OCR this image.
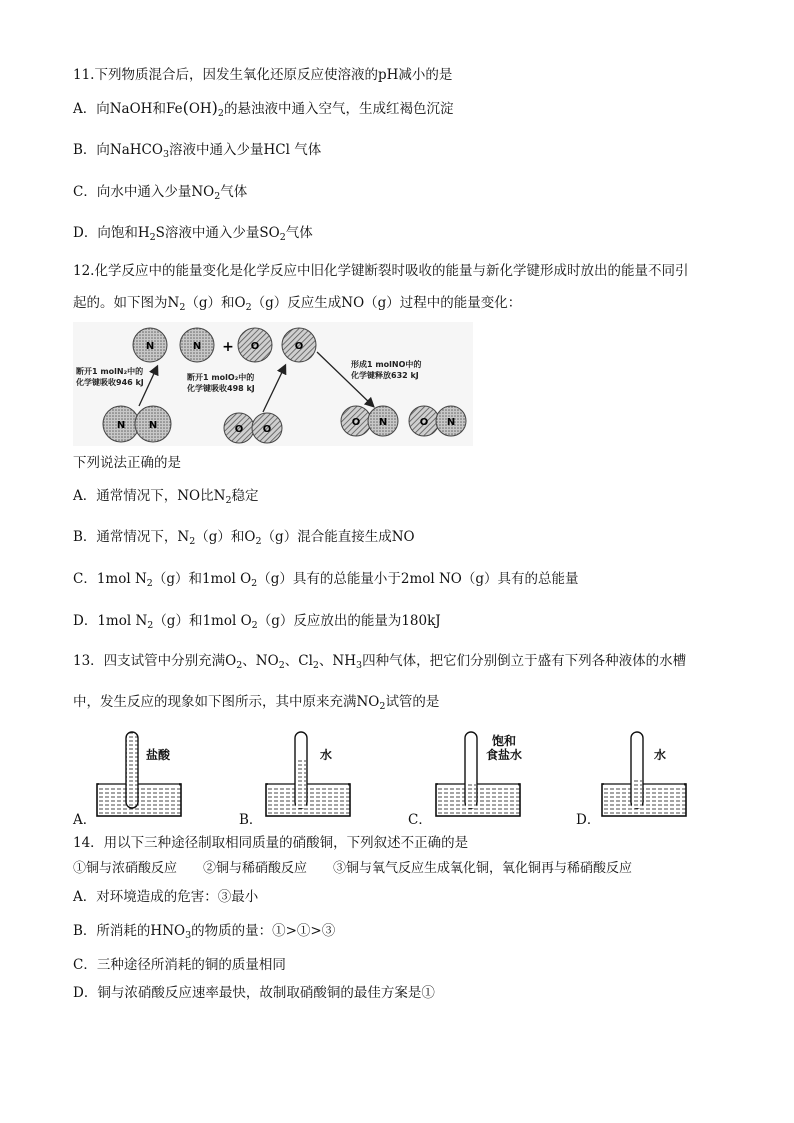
11.下列物质混合后，因发生氧化还原反应使溶液的pH减小的是
A．向NaOH和$Fe(OH)_2$的悬浊液中通入空气，生成红褐色沉淀
B．向NaHCO$_3$溶液中通入少量HCl 气体
C．向水中通入少量$NO_2$气体
D．向饱和$H_2S$溶液中通入少量$SO_2$气体
12.化学反应中的能量变化是化学反应中旧化学键断裂时吸收的能量与新化学键形成时放出的能量不同引
起的。如下图为$N_2(g)$和$O_2(g)$反应生成NO（g）过程中的能量变化：
N	N + O	O
N N
断开1 molN₂中的
化学键吸收946 kJ
O O
断开1 molO₂中的
化学键吸收498 kJ
形成1 molNO中的
化学键释放632 kJ
O N	O N
下列说法正确的是
A．通常情况下，NO比$N_2$稳定
B．通常情况下，$N_2(g)$和$O_2(g)$混合能直接生成NO
C．1mol $N_2(g)$和1mol $O_2(g)$具有的总能量小于2mol NO（g）具有的总能量
D．1mol $N_2(g)$和1mol $O_2(g)$反应放出的能量为180kJ
13．四支试管中分别充满$O_2$、$NO_2$、$Cl_2$、$NH_3$四种气体，把它们分别倒立于盛有下列各种液体的水槽
中，发生反应的现象如下图所示，其中原来充满$NO_2$试管的是
A．
盐酸
B．
水
C．
饱和
食盐水
D．
水
14．用以下三种途径制取相同质量的硝酸铜，下列叙述不正确的是
①铜与浓硝酸反应 ②铜与稀硝酸反应 ③铜与氧气反应生成氧化铜，氧化铜再与稀硝酸反应
A．对环境造成的危害：③最小
B．所消耗的$HNO_3$的物质的量：①>①>③
C．三种途径所消耗的铜的质量相同
D．铜与浓硝酸反应速率最快，故制取硝酸铜的最佳方案是①
